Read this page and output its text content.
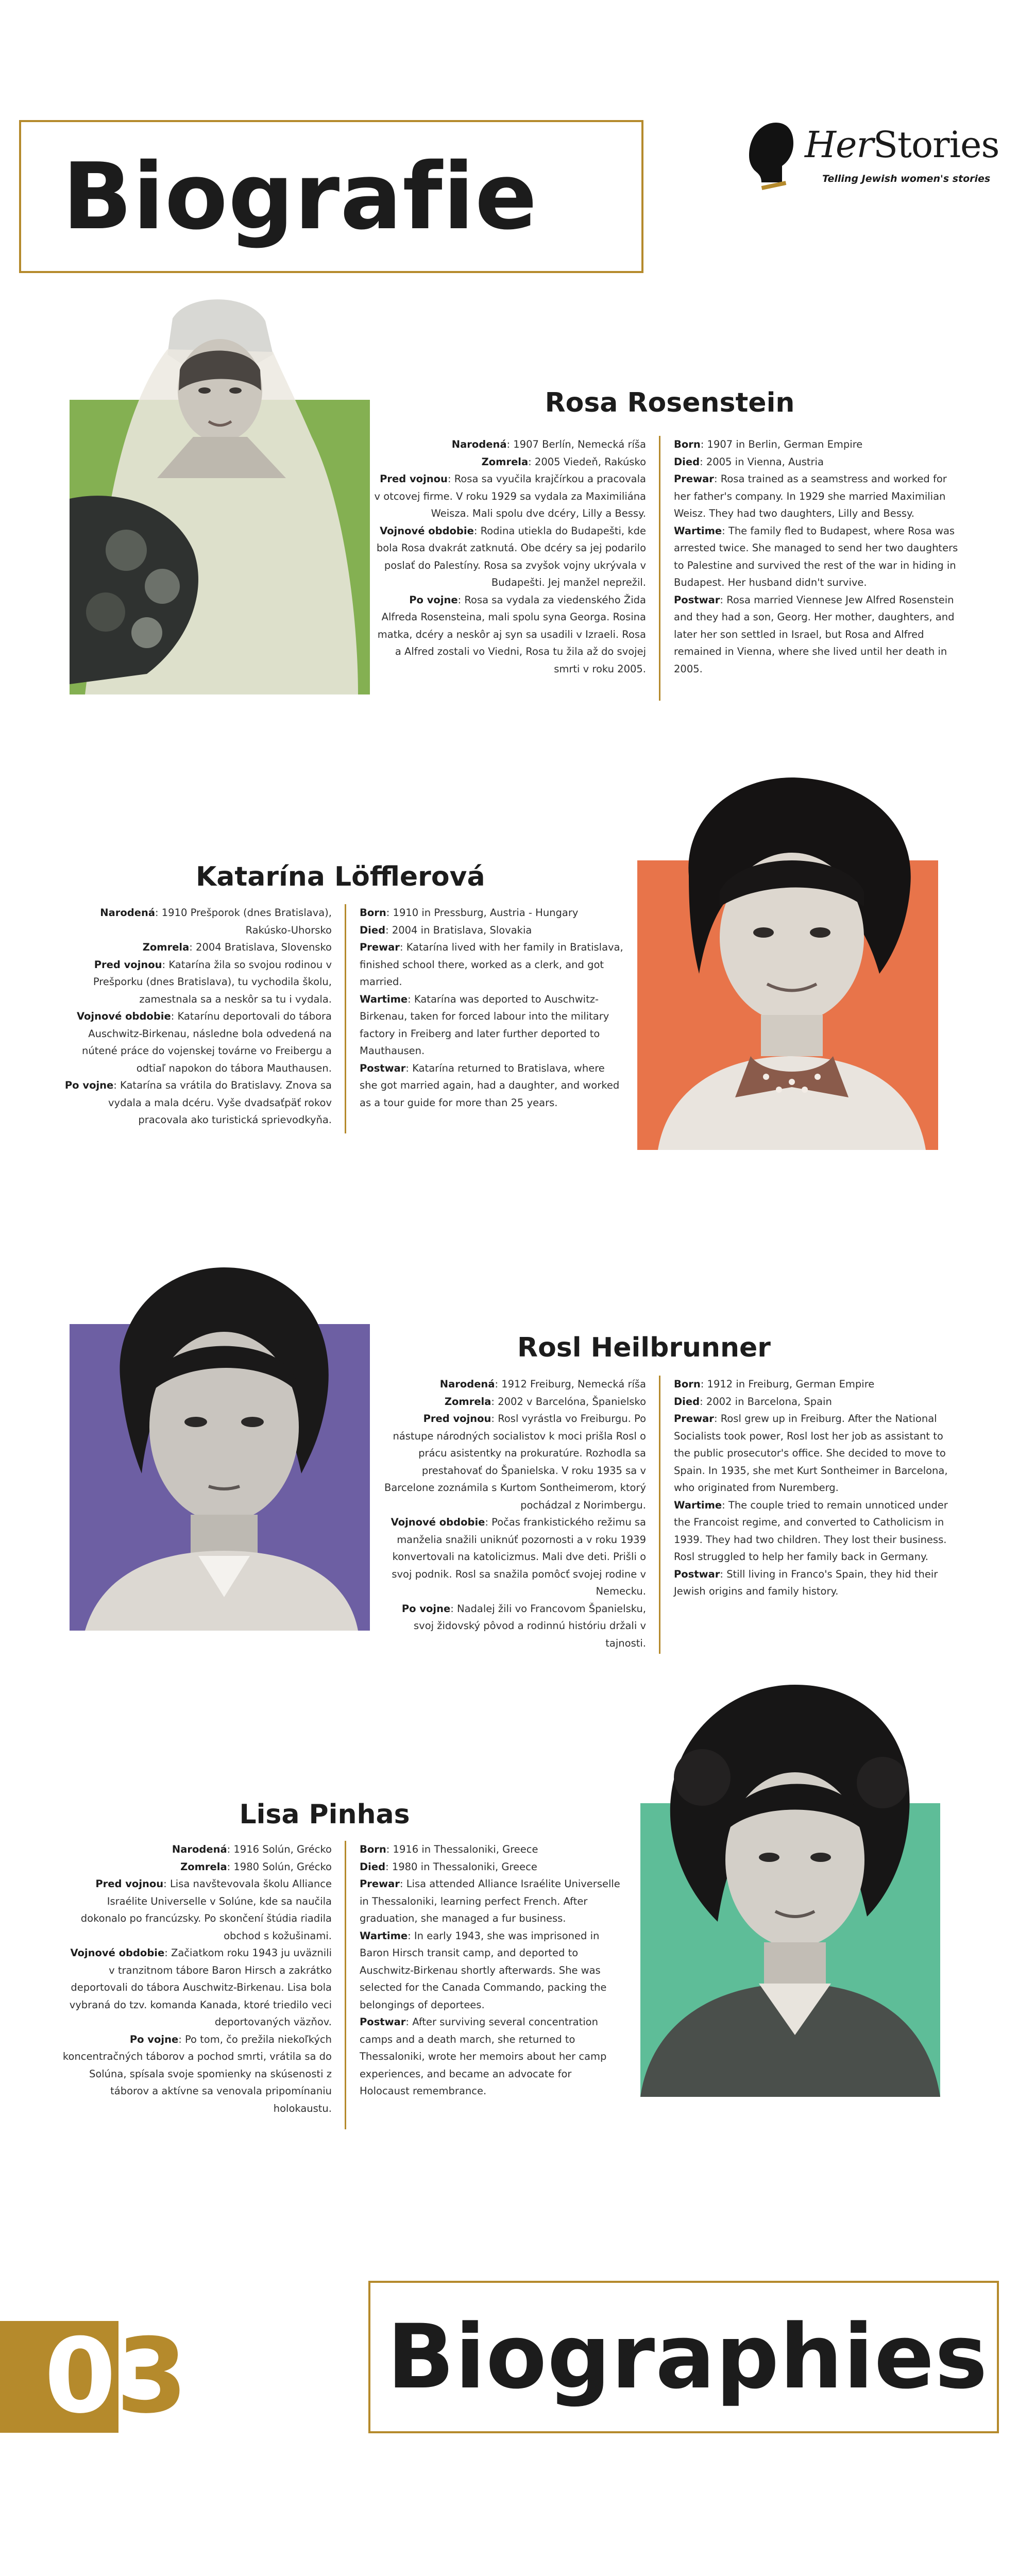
Biografie	HerStories
Telling Jewish women's stories
Rosa Rosenstein

Narodená: 1907 Berlín, Nemecká ríša

Zomrela: 2005 Viedeň, Rakúsko

Pred vojnou: Rosa sa vyučila krajčírkou a pracovala v otcovej firme. V roku 1929 sa vydala za Maximiliána Weisza. Mali spolu dve dcéry, Lilly a Bessy.

Vojnové obdobie: Rodina utiekla do Budapešti, kde bola Rosa dvakrát zatknutá. Obe dcéry sa jej podarilo poslať do Palestíny. Rosa sa zvyšok vojny ukrývala v Budapešti. Jej manžel neprežil.

Po vojne: Rosa sa vydala za viedenského Žida Alfreda Rosensteina, mali spolu syna Georga. Rosina matka, dcéry a neskôr aj syn sa usadili v Izraeli. Rosa a Alfred zostali vo Viedni, Rosa tu žila až do svojej smrti v roku 2005.

Born: 1907 in Berlin, German Empire

Died: 2005 in Vienna, Austria

Prewar: Rosa trained as a seamstress and worked for her father's company. In 1929 she married Maximilian Weisz. They had two daughters, Lilly and Bessy.

Wartime: The family fled to Budapest, where Rosa was arrested twice. She managed to send her two daughters to Palestine and survived the rest of the war in hiding in Budapest. Her husband didn't survive.

Postwar: Rosa married Viennese Jew Alfred Rosenstein and they had a son, Georg. Her mother, daughters, and later her son settled in Israel, but Rosa and Alfred remained in Vienna, where she lived until her death in 2005.

Katarína Löfflerová

Narodená: 1910 Prešporok (dnes Bratislava), Rakúsko-Uhorsko

Zomrela: 2004 Bratislava, Slovensko

Pred vojnou: Katarína žila so svojou rodinou v Prešporku (dnes Bratislava), tu vychodila školu, zamestnala sa a neskôr sa tu i vydala.

Vojnové obdobie: Katarínu deportovali do tábora Auschwitz-Birkenau, následne bola odvedená na nútené práce do vojenskej továrne vo Freibergu a odtiaľ napokon do tábora Mauthausen.

Po vojne: Katarína sa vrátila do Bratislavy. Znova sa vydala a mala dcéru. Vyše dvadsaťpäť rokov pracovala ako turistická sprievodkyňa.

Born: 1910 in Pressburg, Austria - Hungary

Died: 2004 in Bratislava, Slovakia

Prewar: Katarína lived with her family in Bratislava, finished school there, worked as a clerk, and got married.

Wartime: Katarína was deported to Auschwitz-Birkenau, taken for forced labour into the military factory in Freiberg and later further deported to Mauthausen.

Postwar: Katarína returned to Bratislava, where she got married again, had a daughter, and worked as a tour guide for more than 25 years.

Rosl Heilbrunner

Narodená: 1912 Freiburg, Nemecká ríša

Zomrela: 2002 v Barcelóna, Španielsko

Pred vojnou: Rosl vyrástla vo Freiburgu. Po nástupe národných socialistov k moci prišla Rosl o prácu asistentky na prokuratúre. Rozhodla sa prestahovať do Španielska. V roku 1935 sa v Barcelone zoznámila s Kurtom Sontheimerom, ktorý pochádzal z Norimbergu.

Vojnové obdobie: Počas frankistického režimu sa manželia snažili uniknúť pozornosti a v roku 1939 konvertovali na katolicizmus. Mali dve deti. Prišli o svoj podnik. Rosl sa snažila pomôcť svojej rodine v Nemecku.

Po vojne: Nadalej žili vo Francovom Španielsku, svoj židovský pôvod a rodinnú históriu držali v tajnosti.

Born: 1912 in Freiburg, German Empire

Died: 2002 in Barcelona, Spain

Prewar: Rosl grew up in Freiburg. After the National Socialists took power, Rosl lost her job as assistant to the public prosecutor's office. She decided to move to Spain. In 1935, she met Kurt Sontheimer in Barcelona, who originated from Nuremberg.

Wartime: The couple tried to remain unnoticed under the Francoist regime, and converted to Catholicism in 1939. They had two children. They lost their business. Rosl struggled to help her family back in Germany.

Postwar: Still living in Franco's Spain, they hid their Jewish origins and family history.

Lisa Pinhas

Narodená: 1916 Solún, Grécko

Zomrela: 1980 Solún, Grécko

Pred vojnou: Lisa navštevovala školu Alliance Israélite Universelle v Solúne, kde sa naučila dokonalo po francúzsky. Po skončení štúdia riadila obchod s kožušinami.

Vojnové obdobie: Začiatkom roku 1943 ju uväznili v tranzitnom tábore Baron Hirsch a zakrátko deportovali do tábora Auschwitz-Birkenau. Lisa bola vybraná do tzv. komanda Kanada, ktoré triedilo veci deportovaných väzňov.

Po vojne: Po tom, čo prežila niekoľkých koncentračných táborov a pochod smrti, vrátila sa do Solúna, spísala svoje spomienky na skúsenosti z táborov a aktívne sa venovala pripomínaniu holokaustu.

Born: 1916 in Thessaloniki, Greece

Died: 1980 in Thessaloniki, Greece

Prewar: Lisa attended Alliance Israélite Universelle in Thessaloniki, learning perfect French. After graduation, she managed a fur business.

Wartime: In early 1943, she was imprisoned in Baron Hirsch transit camp, and deported to Auschwitz-Birkenau shortly afterwards. She was selected for the Canada Commando, packing the belongings of deportees.

Postwar: After surviving several concentration camps and a death march, she returned to Thessaloniki, wrote her memoirs about her camp experiences, and became an advocate for Holocaust remembrance.

03 Biographies
